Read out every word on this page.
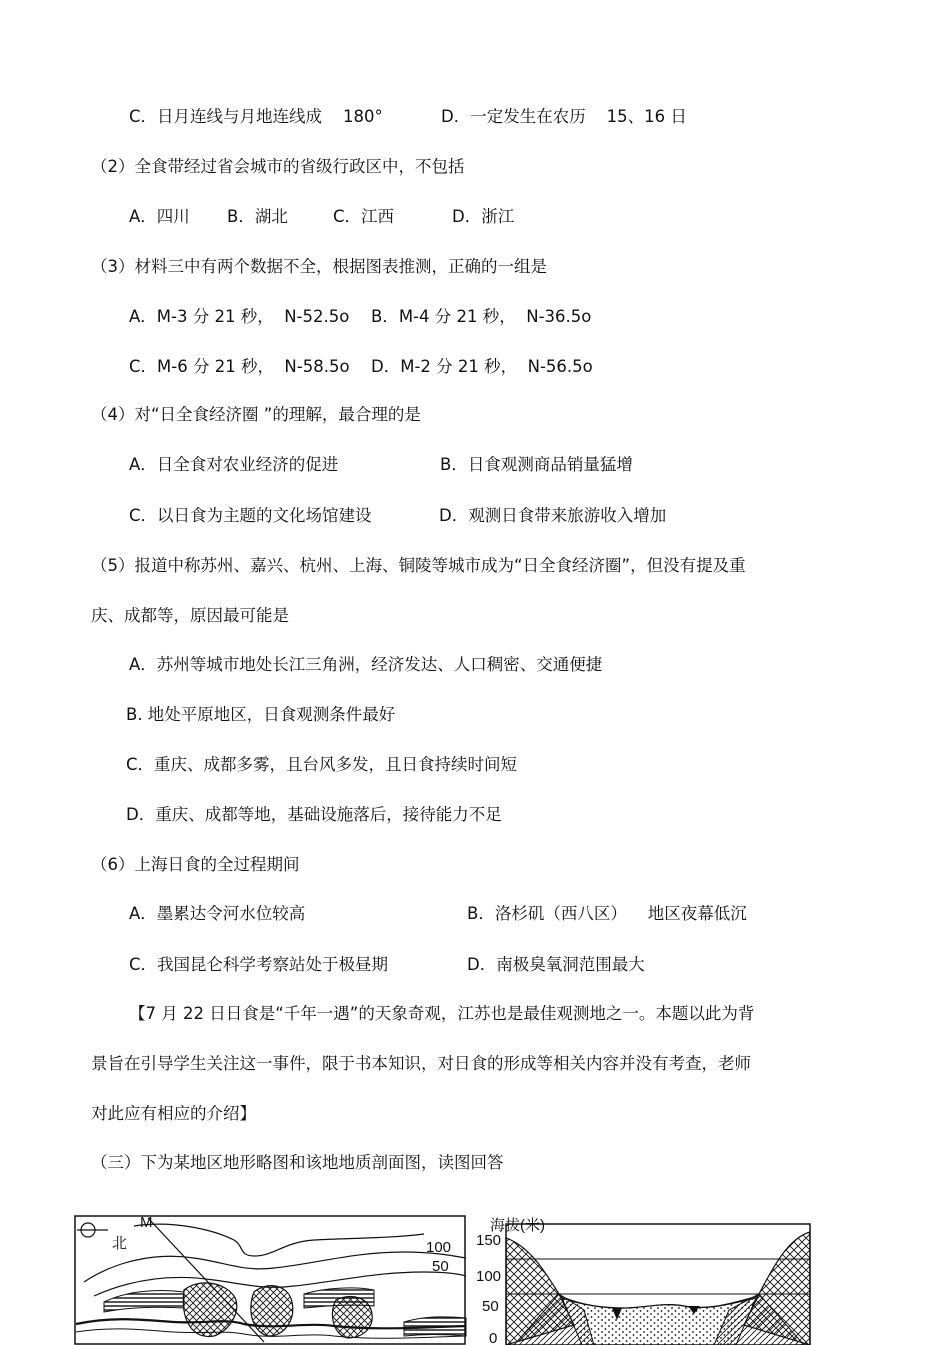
C．日月连线与月地连线成    180°	D．一定发生在农历    15、16 日
（2）全食带经过省会城市的省级行政区中，不包括
A．四川 B．湖北	C．江西	D．浙江
（3）材料三中有两个数据不全，根据图表推测，正确的一组是
A．M-3 分 21 秒，  N-52.5o B．M-4 分 21 秒，  N-36.5o
C．M-6 分 21 秒，  N-58.5o D．M-2 分 21 秒，  N-56.5o
（4）对“日全食经济圈 ”的理解，最合理的是
A．日全食对农业经济的促进	B．日食观测商品销量猛增
C．以日食为主题的文化场馆建设	D．观测日食带来旅游收入增加
（5）报道中称苏州、嘉兴、杭州、上海、铜陵等城市成为“日全食经济圈”，但没有提及重
庆、成都等，原因最可能是
A．苏州等城市地处长江三角洲，经济发达、人口稠密、交通便捷
B. 地处平原地区，日食观测条件最好
C．重庆、成都多雾，且台风多发，且日食持续时间短
D．重庆、成都等地，基础设施落后，接待能力不足
（6）上海日食的全过程期间
A．墨累达令河水位较高	B．洛杉矶（西八区）    地区夜幕低沉
C．我国昆仑科学考察站处于极昼期	D．南极臭氧洞范围最大
【7 月 22 日日食是“千年一遇”的天象奇观，江苏也是最佳观测地之一。本题以此为背
景旨在引导学生关注这一事件，限于书本知识，对日食的形成等相关内容并没有考查，老师
对此应有相应的介绍】
（三）下为某地区地形略图和该地地质剖面图，读图回答
M
北	100
50
海拔(米)
150
100
50
0
